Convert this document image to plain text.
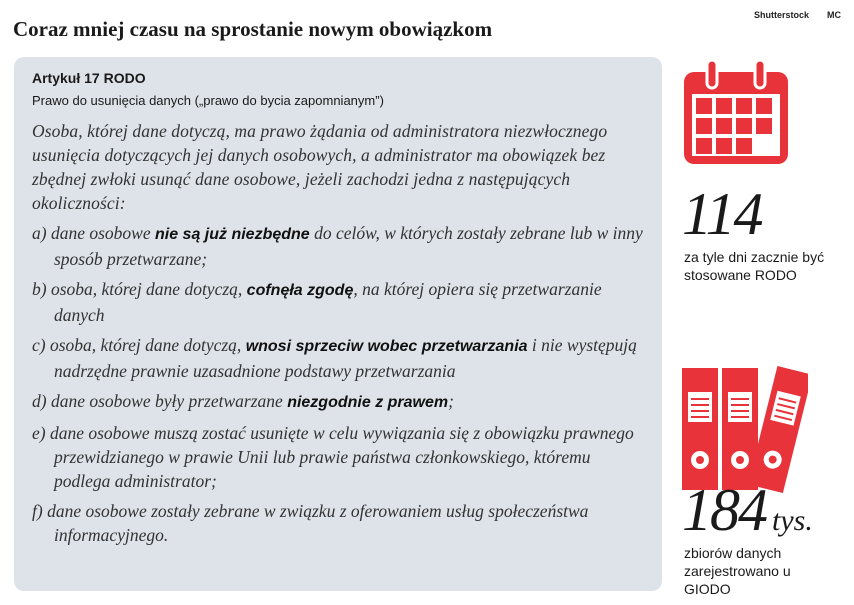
Coraz mniej czasu na sprostanie nowym obowiązkom
Shutterstock MC

Artykuł 17 RODO

Prawo do usunięcia danych („prawo do bycia zapomnianym”)

Osoba, której dane dotyczą, ma prawo żądania od administratora niezwłocznego usunięcia dotyczących jej danych osobowych, a administrator ma obowiązek bez zbędnej zwłoki usunąć dane osobowe, jeżeli zachodzi jedna z następujących okoliczności:

a) dane osobowe nie są już niezbędne do celów, w których zostały zebrane lub w inny sposób przetwarzane;

b) osoba, której dane dotyczą, cofnęła zgodę, na której opiera się przetwarzanie danych

c) osoba, której dane dotyczą, wnosi sprzeciw wobec przetwarzania i nie występują nadrzędne prawnie uzasadnione podstawy przetwarzania

d) dane osobowe były przetwarzane niezgodnie z prawem;

e) dane osobowe muszą zostać usunięte w celu wywiązania się z obowiązku prawnego przewidzianego w prawie Unii lub prawie państwa członkowskiego, któremu podlega administrator;

f) dane osobowe zostały zebrane w związku z oferowaniem usług społeczeństwa informacyjnego.

114
za tyle dni zacznie być stosowane RODO
184 tys.
zbiorów danych zarejestrowano u GIODO
